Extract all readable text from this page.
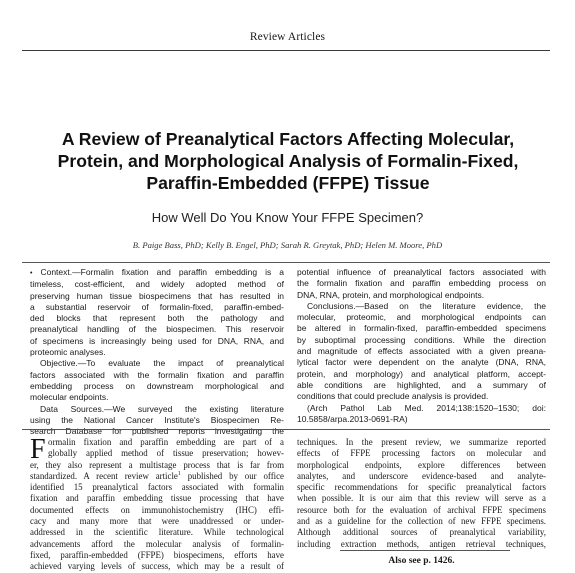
Review Articles
A Review of Preanalytical Factors Affecting Molecular,
Protein, and Morphological Analysis of Formalin-Fixed,
Paraffin-Embedded (FFPE) Tissue
How Well Do You Know Your FFPE Specimen?

B. Paige Bass, PhD; Kelly B. Engel, PhD; Sarah R. Greytak, PhD; Helen M. Moore, PhD

• Context.—Formalin fixation and paraffin embedding is a
timeless, cost-efficient, and widely adopted method of
preserving human tissue biospecimens that has resulted in
a substantial reservoir of formalin-fixed, paraffin-embed-
ded blocks that represent both the pathology and
preanalytical handling of the biospecimen. This reservoir
of specimens is increasingly being used for DNA, RNA, and
proteomic analyses.
Objective.—To evaluate the impact of preanalytical
factors associated with the formalin fixation and paraffin
embedding process on downstream morphological and
molecular endpoints.
Data Sources.—We surveyed the existing literature
using the National Cancer Institute's Biospecimen Re-
search Database for published reports investigating the
potential influence of preanalytical factors associated with
the formalin fixation and paraffin embedding process on
DNA, RNA, protein, and morphological endpoints.
Conclusions.—Based on the literature evidence, the
molecular, proteomic, and morphological endpoints can
be altered in formalin-fixed, paraffin-embedded specimens
by suboptimal processing conditions. While the direction
and magnitude of effects associated with a given preana-
lytical factor were dependent on the analyte (DNA, RNA,
protein, and morphology) and analytical platform, accept-
able conditions are highlighted, and a summary of
conditions that could preclude analysis is provided.
(Arch Pathol Lab Med. 2014;138:1520–1530; doi:
10.5858/arpa.2013-0691-RA)
F ormalin fixation and paraffin embedding are part of a
globally applied method of tissue preservation; howev-
er, they also represent a multistage process that is far from
standardized. A recent review article$^1$ published by our office
identified 15 preanalytical factors associated with formalin
fixation and paraffin embedding tissue processing that have
documented effects on immunohistochemistry (IHC) effi-
cacy and many more that were unaddressed or under-
addressed in the scientific literature. While technological
advancements afford the molecular analysis of formalin-
fixed, paraffin-embedded (FFPE) biospecimens, efforts have
achieved varying levels of success, which may be a result of
techniques. In the present review, we summarize reported
effects of FFPE processing factors on molecular and
morphological endpoints, explore differences between
analytes, and underscore evidence-based and analyte-
specific recommendations for specific preanalytical factors
when possible. It is our aim that this review will serve as a
resource both for the evaluation of archival FFPE specimens
and as a guideline for the collection of new FFPE specimens.
Although additional sources of preanalytical variability,
including extraction methods, antigen retrieval techniques,

Also see p. 1426.
